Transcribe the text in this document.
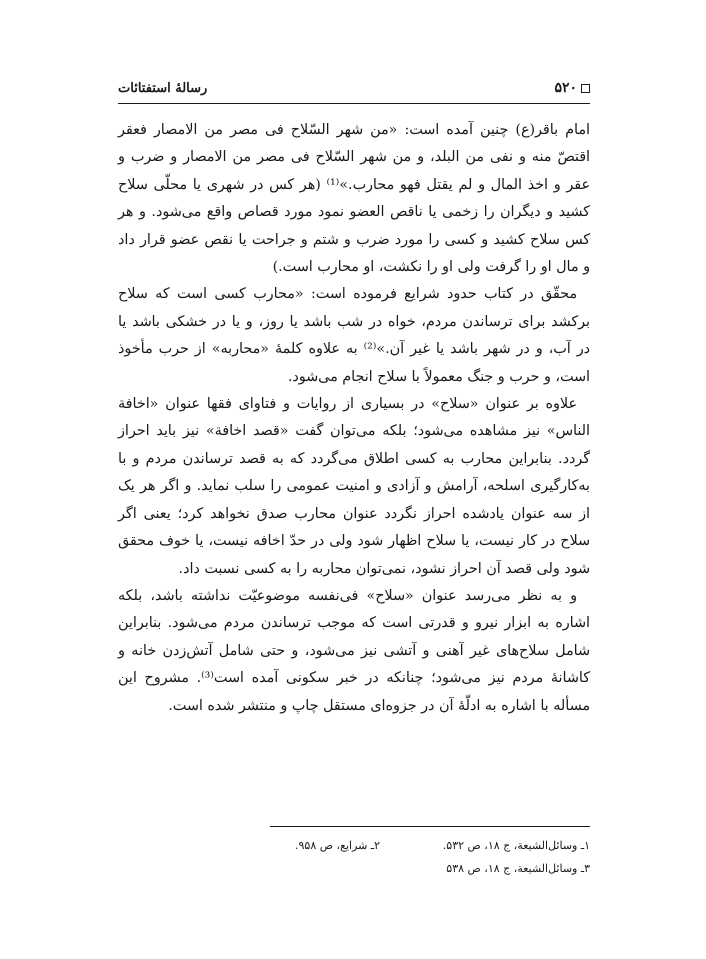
۵۲۰
رسالۀ استفتائات

امام باقر(ع) چنین آمده است: «من شهر السّلاح فی مصر من الامصار فعقر اقتصّ منه و نفی من البلد، و من شهر السّلاح فی مصر من الامصار و ضرب و عقر و اخذ المال و لم یقتل فهو محارب.»⁽¹⁾ (هر کس در شهری یا محلّی سلاح کشید و دیگران را زخمی یا ناقص العضو نمود مورد قصاص واقع می‌شود. و هر کس سلاح کشید و کسی را مورد ضرب و شتم و جراحت یا نقص عضو قرار داد و مال او را گرفت ولی او را نکشت، او محارب است.)

محقّق در کتاب حدود شرایع فرموده است: «محارب کسی است که سلاح برکشد برای ترساندن مردم، خواه در شب باشد یا روز، و یا در خشکی باشد یا در آب، و در شهر باشد یا غیر آن.»⁽²⁾ به علاوه کلمۀ «محاربه» از حرب مأخوذ است، و حرب و جنگ معمولاً با سلاح انجام می‌شود.

علاوه بر عنوان «سلاح» در بسیاری از روایات و فتاوای فقها عنوان «اخافة الناس» نیز مشاهده می‌شود؛ بلکه می‌توان گفت «قصد اخافة» نیز باید احراز گردد. بنابراین محارب به کسی اطلاق می‌گردد که به قصد ترساندن مردم و با به‌کارگیری اسلحه، آرامش و آزادی و امنیت عمومی را سلب نماید. و اگر هر یک از سه عنوان یادشده احراز نگردد عنوان محارب صدق نخواهد کرد؛ یعنی اگر سلاح در کار نیست، یا سلاح اظهار شود ولی در حدّ اخافه نیست، یا خوف محقق شود ولی قصد آن احراز نشود، نمی‌توان محاربه را به کسی نسبت داد.

و به نظر می‌رسد عنوان «سلاح» فی‌نفسه موضوعیّت نداشته باشد، بلکه اشاره به ابزار نیرو و قدرتی است که موجب ترساندن مردم می‌شود. بنابراین شامل سلاح‌های غیر آهنی و آتشی نیز می‌شود، و حتی شامل آتش‌زدن خانه و کاشانۀ مردم نیز می‌شود؛ چنانکه در خبر سکونی آمده است⁽³⁾. مشروح این مسأله با اشاره به ادلّۀ آن در جزوه‌ای مستقل چاپ و منتشر شده است.

۱ـ وسائل‌الشیعة، ج ۱۸، ص ۵۳۲.
۲ـ شرایع، ص ۹۵۸.
۳ـ وسائل‌الشیعة، ج ۱۸، ص ۵۳۸
